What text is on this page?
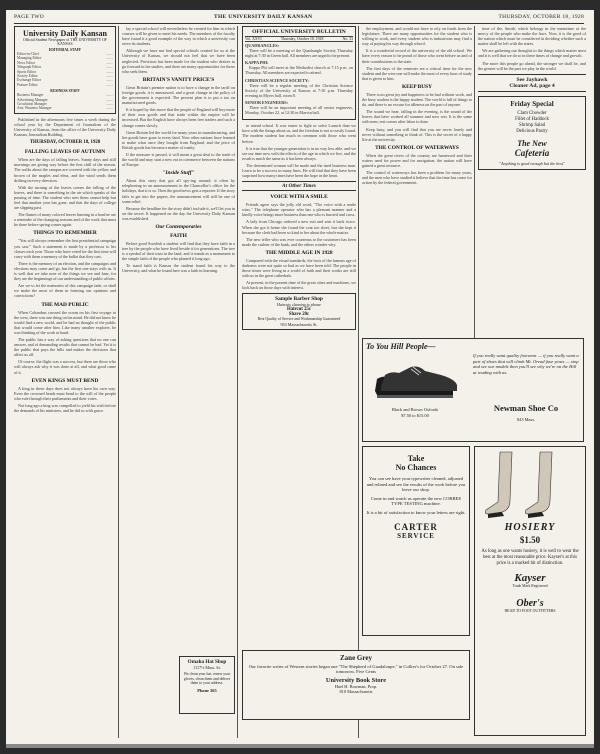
PAGE TWO	THE UNIVERSITY DAILY KANSAN	THURSDAY, OCTOBER 18, 1928
University Daily Kansan
Official Student Newspaper of THE UNIVERSITY OF KANSAS
EDITORIAL STAFF
Editor-in-Chief	........
Managing Editor	........
News Editor	........
Telegraph Editor	........
Sports Editor	........
Society Editor	........
Exchange Editor	........
Feature Editor	........
BUSINESS STAFF
Business Manager	........
Advertising Manager	........
Circulation Manager	........
Asst. Business Manager	........

Published in the afternoons five times a week during the school year by the Department of Journalism of the University of Kansas, from the office of the University Daily Kansan, Journalism Building.

THURSDAY, OCTOBER 18, 1928
FALLING LEAVES OF AUTUMN

When are the days of falling leaves. Sunny days and still mornings are giving way before the first chill of the season. The walks about the campus are covered with the yellow and brown of the maples and elms, and the wind sends them drifting in every direction.

With the turning of the leaves comes the falling of the leaves, and there is something in the air which speaks of the passing of time. The student who sees them cannot help but feel that another year has gone, and that the days of college are slipping past.

The flames of many colored leaves burning in a bonfire are a reminder of the changing seasons and of the work that must be done before spring comes again.

THINGS TO REMEMBER

"You will always remember the first presidential campaign you saw." Such a statement is made by a professor to his classes each year. Those who have voted for the first time will carry with them a memory of the ballot that they cast.

There is the memory of an election, and the campaigns and elections may come and go, but the first one stays with us. It is well that we take note of the things we see and hear, for they are the beginnings of our understanding of public affairs.

Are we to let the memories of this campaign fade, or shall we make the most of them in forming our opinions and convictions?

THE MAD PUBLIC

When Columbus crossed the ocean on his first voyage to the west, there was one thing on his mind. He did not know he would find a new world, and he had no thought of the public that would come after him. Like many another explorer, he was thinking of the work at hand.

The public has a way of asking questions that no one can answer, and of demanding results that cannot be had. Yet it is the public that pays the bills and makes the decisions that affect us all.

Of course, the flight was a success, but there are those who will always ask why it was done at all, and what good came of it.

EVEN KINGS MUST BEND

A king in these days does not always have his own way. Even the crowned heads must bend to the will of the people who rule through their parliaments and their votes.

Not long ago a king was compelled to yield his wish before the demands of his ministers, and he did so with grace.

lay a special school will nevertheless be created for him in which courses will be given to meet his needs. The members of the faculty have found it a good example of the way in which a university can serve its students.

Although we have not had special schools created for us at the University of Kansas, we should not feel that we have been neglected. Provision has been made for the student who desires to go forward in his studies, and there are many opportunities for those who seek them.

BRITAIN'S VANITY PRICE'S

Great Britain's premier nation is to have a change in the tariff on foreign goods, it is announced, and a great change in the policy of the government is expected. The present plan is to put a tax on manufactured goods.

It is hoped by this move that the people of England will buy more of their own goods and that trade within the empire will be increased. But the English have always been free traders and such a change comes slowly.

Great Britain led the world for many years in manufacturing, and her goods have gone to every land. Now other nations have learned to make what once they bought from England, and the price of British goods has become a matter of vanity.

If the measure is passed, it will mean a great deal to the trade of the world and may start a new era in commerce between the nations of Europe.

"Inside Stuff"

About this story that got all spy-ing around: it often by telephoning in an announcement to the Chancellor's office for the holidays, that it is so. Then the good news gets a reporter. If the story fails to get into the papers, the announcement will still be one of some relief.

Because the headline for the story didn't include it, we'll let you in on the secret. It happened on the day the University Daily Kansan was established.

Our Contemporaries
FAITH

Before good Swedish a student will find that they have faith in a tree by the people who have lived beside it for generations. The tree is a symbol of their trust in the land, and it stands as a monument to the simple faith of the people who planted it long ago.

To stand faith is Kansas the student found his way to the University, and what he found here was a faith in learning.

Omaha Hat Shop
1117½ Mass. St.
We clean your hat, renew your gloves, clean them and deliver them to your address.
Phone 265
OFFICIAL UNIVERSITY BULLETIN
Vol. XXVI	Thursday, October 18, 1928	No. 33
QUADRANGLES:

There will be a meeting of the Quadrangle Society Thursday night at 7:30 in Green hall. All members are urged to be present.

KAPPA PHI:

Kappa Phi will meet at the Methodist church at 7:15 p.m. on Thursday. All members are expected to attend.

CHRISTIAN SCIENCE SOCIETY:

There will be a regular meeting of the Christian Science Society of the University of Kansas at 7:30 p.m. Thursday evening in Myers hall, room 8.

SENIOR ENGINEERS:

There will be an important meeting of all senior engineers, Monday, October 22, at 12:30 in Marvin hall.

to attend school. It was easier to fight or solve Launch than we have with the things about us, and the freedom is not so easily found. The modern student has much in common with those who went before.

It is true that the younger generation is in no way less able, and we see our time now with the effects of the age in which we live, and the result is much the same as it has been always.

The determined woman will be made and the tired business man. Learn to be a success in many lines. He will find that they have been surprised how many times have been the hope in the heart.

At Other Times
VOICE WITH A SMILE

Friends agree says the jolly old word, "The voice with a smile wins." The telephone operator who has a pleasant manner and a kindly voice brings more business than one who is hurried and cross.

A lady from Chicago ordered a new suit and sent it back twice. When she got it home she found the coat too short, but she kept it because the clerk had been so kind to her about the whole matter.

The new teller who was ever courteous to the customers has been made the cashier of the bank, and the others wonder why.

THE MIDDLE AGE IN 1928

Compared with the visual standards, the facts of the famous age of darkness were not quite so bad as we have been told. The people in those times were living in a world of faith and their works are still with us in the great cathedrals.

At present, in the present time of the great cities and machines, we look back on those days with interest.

Sample Barber Shop
Haircuts cleaning to please
Haircut 25c
Shave 20c
Best Quality of Service and Workmanship Guaranteed
933 Massachusetts St.

the employment, and would not have to rely on funds from the legislature. There are many opportunities for the student who is willing to work, and every student who is industrious may find a way of paying his way through school.

It is a wonderful record of the university of the old school. We have every reason to be proud of those who went before us and of their contributions to the state.

The first days of the semester are a critical time for the new student and the wise one will make the most of every hour of study that is given to him.

KEEP BUSY

There is no great joy and happiness to be had without work, and the busy student is the happy student. The world is full of things to do, and there is no excuse for idleness on the part of anyone.

The sound we hear, falling in the evening, is the sound of the leaves that have worked all summer and now rest. It is the same with men; rest comes after labor is done.

Keep busy, and you will find that you are never lonely and never without something to think of. This is the secret of a happy life at the university.

THE CONTROL OF WATERWAYS

When the great rivers of the country are harnessed and their waters used for power and for navigation, the nation will have gained a great resource.

The control of waterways has been a problem for many years, and the men who have studied it believe that the time has come for action by the federal government.

time of the, Smith, which belongs in the meantime at the mercy of the people who make the laws. Now, it is the good of the nation which must be considered in deciding whether such a matter shall be left with the states.

We are gathering our thoughts to the things which matter most and it is well that we do so in these times of change and growth.

The more this people go ahead, the stronger we shall be, and the greater will be the part we play in the world.

See Jayhawk
Cleaner Ad, page 4
Friday Special
Clam Chowder
Fillet of Haddock
Shrimp Salad
Delicious Pastry
The New
Cafeteria
"Anything is good enough but the best"
To You Hill People—
Black and Brown Oxfords
$7.50 to $15.00
If you really want quality footwear — if you really want a pair of shoes that will climb Mt. Oread four years — stop and see our models then you'll see why we're on the Hill at reading with us.
Newman Shoe Co
843 Mass.
Take
No Chances
You can see have your typewriter cleaned, adjusted and relined and see the results of the work before you leave our shop.
Come in and watch us operate the new CORBEE TYPE TESTING machine.
It is a bit of satisfaction to know your letters are right.
CARTER
SERVICE
Zane Grey
Our favorite writer of Western stories began one "The Shepherd of Guadaloupe," in Collier's for October 27. On sale tomorrow. Five Cents
University Book Store
Hael H. Bowman, Prop.
810 Massachusetts
HOSIERY
$1.50
As long as one wants hosiery, it is well to wear the best at the most reasonable price. Kayser's at this price is a marked bit of distinction.
Kayser
Trade Mark Registered
Ober's
HEAD TO FOOT OUTFITTERS
